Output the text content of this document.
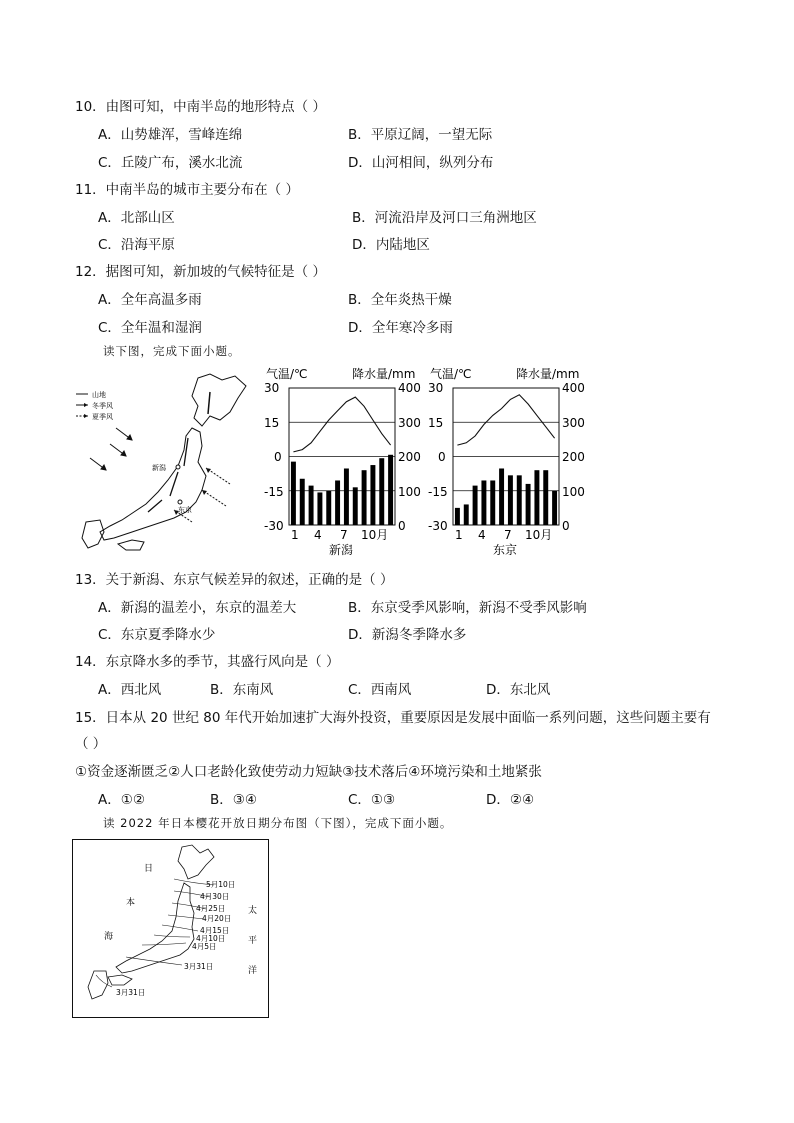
10．由图可知，中南半岛的地形特点（ ）
A．山势雄浑，雪峰连绵	B．平原辽阔，一望无际
C．丘陵广布，溪水北流	D．山河相间，纵列分布
11．中南半岛的城市主要分布在（ ）
A．北部山区	B．河流沿岸及河口三角洲地区
C．沿海平原	D．内陆地区
12．据图可知，新加坡的气候特征是（ ）
A．全年高温多雨	B．全年炎热干燥
C．全年温和湿润	D．全年寒冷多雨
读下图，完成下面小题。
山地
冬季风
夏季风
新潟
东京
气温/℃	降水量/mm
30
15
0
-15
-30
400
300
200
100
0
1 4 7 10月
新潟
气温/℃	降水量/mm
30
15
0
-15
-30
400
300
200
100
0
1 4 7 10月
东京
13．关于新潟、东京气候差异的叙述，正确的是（ ）
A．新潟的温差小，东京的温差大	B．东京受季风影响，新潟不受季风影响
C．东京夏季降水少	D．新潟冬季降水多
14．东京降水多的季节，其盛行风向是（ ）
A．西北风	B．东南风	C．西南风	D．东北风
15．日本从 20 世纪 80 年代开始加速扩大海外投资，重要原因是发展中面临一系列问题，这些问题主要有
（ ）
①资金逐渐匮乏②人口老龄化致使劳动力短缺③技术落后④环境污染和土地紧张
A．①②	B．③④	C．①③	D．②④
读 2022 年日本樱花开放日期分布图（下图），完成下面小题。
日
本
海
太
平
洋
5月10日
4月30日
4月25日
4月20日
4月15日
4月10日
4月5日
3月31日
3月31日
